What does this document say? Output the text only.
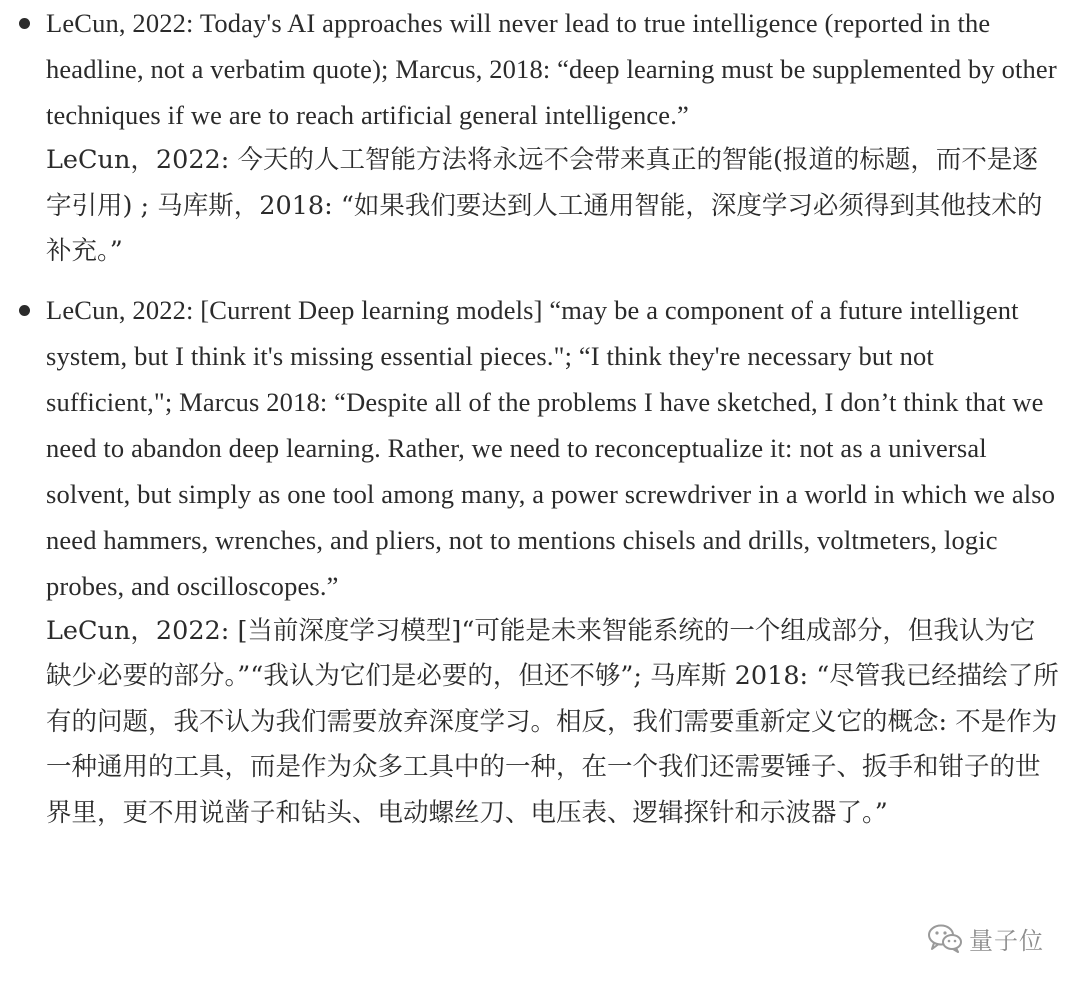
LeCun, 2022: Today's AI approaches will never lead to true intelligence (reported in the headline, not a verbatim quote); Marcus, 2018: “deep learning must be supplemented by other techniques if we are to reach artificial general intelligence.”

LeCun，2022: 今天的人工智能方法将永远不会带来真正的智能(报道的标题，而不是逐字引用) ; 马库斯，2018: “如果我们要达到人工通用智能，深度学习必须得到其他技术的补充。”

LeCun, 2022: [Current Deep learning models] “may be a component of a future intelligent system, but I think it's missing essential pieces."; “I think they're necessary but not sufficient,"; Marcus 2018: “Despite all of the problems I have sketched, I don’t think that we need to abandon deep learning. Rather, we need to reconceptualize it: not as a universal solvent, but simply as one tool among many, a power screwdriver in a world in which we also need hammers, wrenches, and pliers, not to mentions chisels and drills, voltmeters, logic probes, and oscilloscopes.”

LeCun，2022: [当前深度学习模型]“可能是未来智能系统的一个组成部分，但我认为它缺少必要的部分。”“我认为它们是必要的，但还不够”; 马库斯 2018: “尽管我已经描绘了所有的问题，我不认为我们需要放弃深度学习。相反，我们需要重新定义它的概念: 不是作为一种通用的工具，而是作为众多工具中的一种，在一个我们还需要锤子、扳手和钳子的世界里，更不用说凿子和钻头、电动螺丝刀、电压表、逻辑探针和示波器了。”

量子位
